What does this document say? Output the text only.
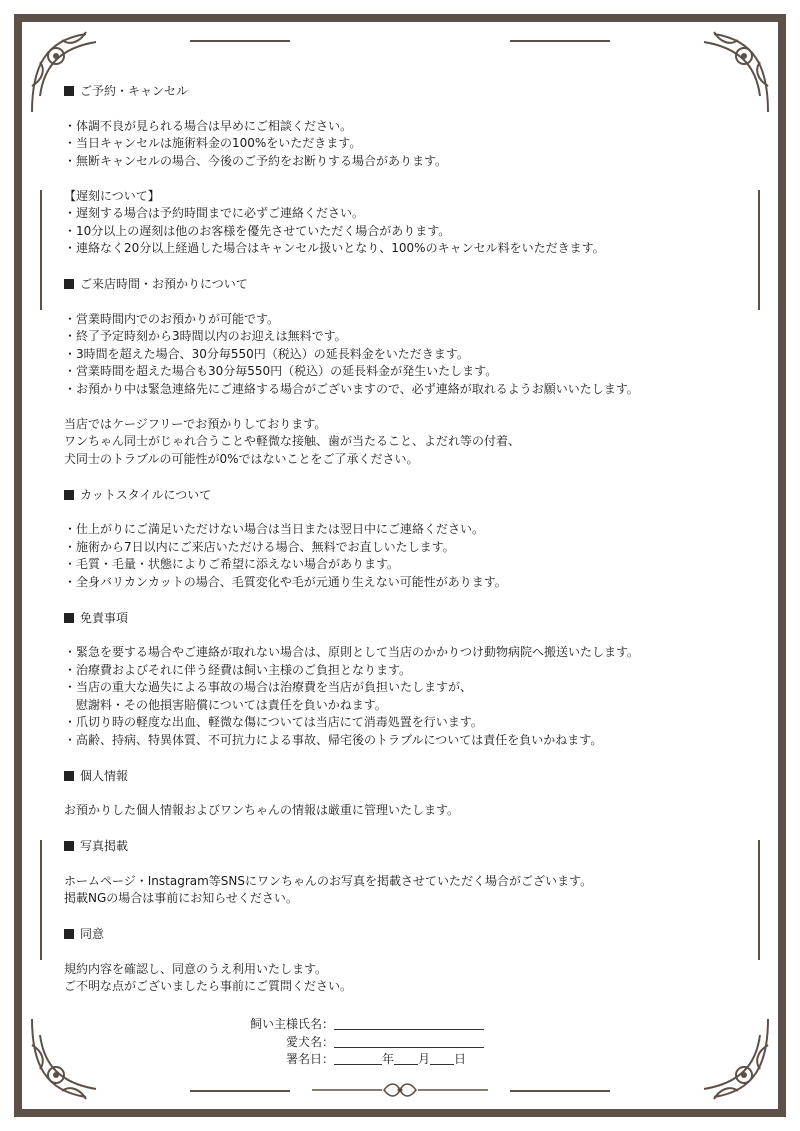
ご予約・キャンセル
・体調不良が見られる場合は早めにご相談ください。
・当日キャンセルは施術料金の100%をいただきます。
・無断キャンセルの場合、今後のご予約をお断りする場合があります。
【遅刻について】
・遅刻する場合は予約時間までに必ずご連絡ください。
・10分以上の遅刻は他のお客様を優先させていただく場合があります。
・連絡なく20分以上経過した場合はキャンセル扱いとなり、100%のキャンセル料をいただきます。
ご来店時間・お預かりについて
・営業時間内でのお預かりが可能です。
・終了予定時刻から3時間以内のお迎えは無料です。
・3時間を超えた場合、30分毎550円（税込）の延長料金をいただきます。
・営業時間を超えた場合も30分毎550円（税込）の延長料金が発生いたします。
・お預かり中は緊急連絡先にご連絡する場合がございますので、必ず連絡が取れるようお願いいたします。
当店ではケージフリーでお預かりしております。
ワンちゃん同士がじゃれ合うことや軽微な接触、歯が当たること、よだれ等の付着、
犬同士のトラブルの可能性が0%ではないことをご了承ください。
カットスタイルについて
・仕上がりにご満足いただけない場合は当日または翌日中にご連絡ください。
・施術から7日以内にご来店いただける場合、無料でお直しいたします。
・毛質・毛量・状態によりご希望に添えない場合があります。
・全身バリカンカットの場合、毛質変化や毛が元通り生えない可能性があります。
免責事項
・緊急を要する場合やご連絡が取れない場合は、原則として当店のかかりつけ動物病院へ搬送いたします。
・治療費およびそれに伴う経費は飼い主様のご負担となります。
・当店の重大な過失による事故の場合は治療費を当店が負担いたしますが、
　慰謝料・その他損害賠償については責任を負いかねます。
・爪切り時の軽度な出血、軽微な傷については当店にて消毒処置を行います。
・高齢、持病、特異体質、不可抗力による事故、帰宅後のトラブルについては責任を負いかねます。
個人情報
お預かりした個人情報およびワンちゃんの情報は厳重に管理いたします。
写真掲載
ホームページ・Instagram等SNSにワンちゃんのお写真を掲載させていただく場合がございます。
掲載NGの場合は事前にお知らせください。
同意
規約内容を確認し、同意のうえ利用いたします。
ご不明な点がございましたら事前にご質問ください。
飼い主様氏名：
愛犬名：
署名日：	年 月 日
